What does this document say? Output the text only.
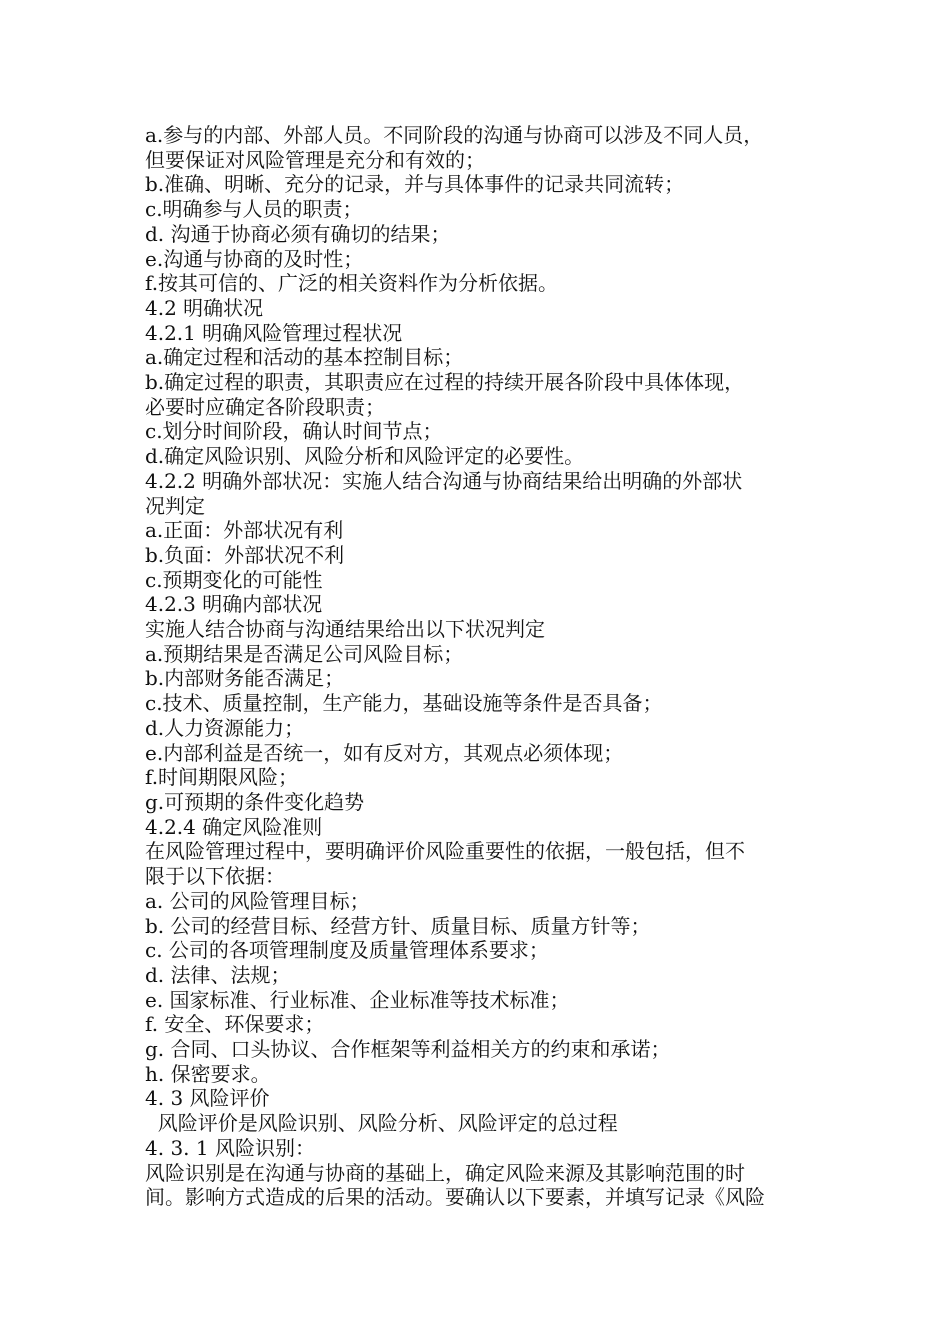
a.参与的内部、外部人员。不同阶段的沟通与协商可以涉及不同人员，

但要保证对风险管理是充分和有效的；

b.准确、明晰、充分的记录，并与具体事件的记录共同流转；

c.明确参与人员的职责；

d. 沟通于协商必须有确切的结果；

e.沟通与协商的及时性；

f.按其可信的、广泛的相关资料作为分析依据。

4.2 明确状况

4.2.1 明确风险管理过程状况

a.确定过程和活动的基本控制目标；

b.确定过程的职责，其职责应在过程的持续开展各阶段中具体体现，

必要时应确定各阶段职责；

c.划分时间阶段，确认时间节点；

d.确定风险识别、风险分析和风险评定的必要性。

4.2.2 明确外部状况：实施人结合沟通与协商结果给出明确的外部状

况判定

a.正面：外部状况有利

b.负面：外部状况不利

c.预期变化的可能性

4.2.3 明确内部状况

实施人结合协商与沟通结果给出以下状况判定

a.预期结果是否满足公司风险目标；

b.内部财务能否满足；

c.技术、质量控制，生产能力，基础设施等条件是否具备；

d.人力资源能力；

e.内部利益是否统一，如有反对方，其观点必须体现；

f.时间期限风险；

g.可预期的条件变化趋势

4.2.4 确定风险准则

在风险管理过程中，要明确评价风险重要性的依据，一般包括，但不

限于以下依据：

a. 公司的风险管理目标；

b. 公司的经营目标、经营方针、质量目标、质量方针等；

c. 公司的各项管理制度及质量管理体系要求；

d. 法律、法规；

e. 国家标准、行业标准、企业标准等技术标准；

f. 安全、环保要求；

g. 合同、口头协议、合作框架等利益相关方的约束和承诺；

h. 保密要求。

4. 3 风险评价

风险评价是风险识别、风险分析、风险评定的总过程

4. 3. 1 风险识别：

风险识别是在沟通与协商的基础上，确定风险来源及其影响范围的时

间。影响方式造成的后果的活动。要确认以下要素，并填写记录《风险
